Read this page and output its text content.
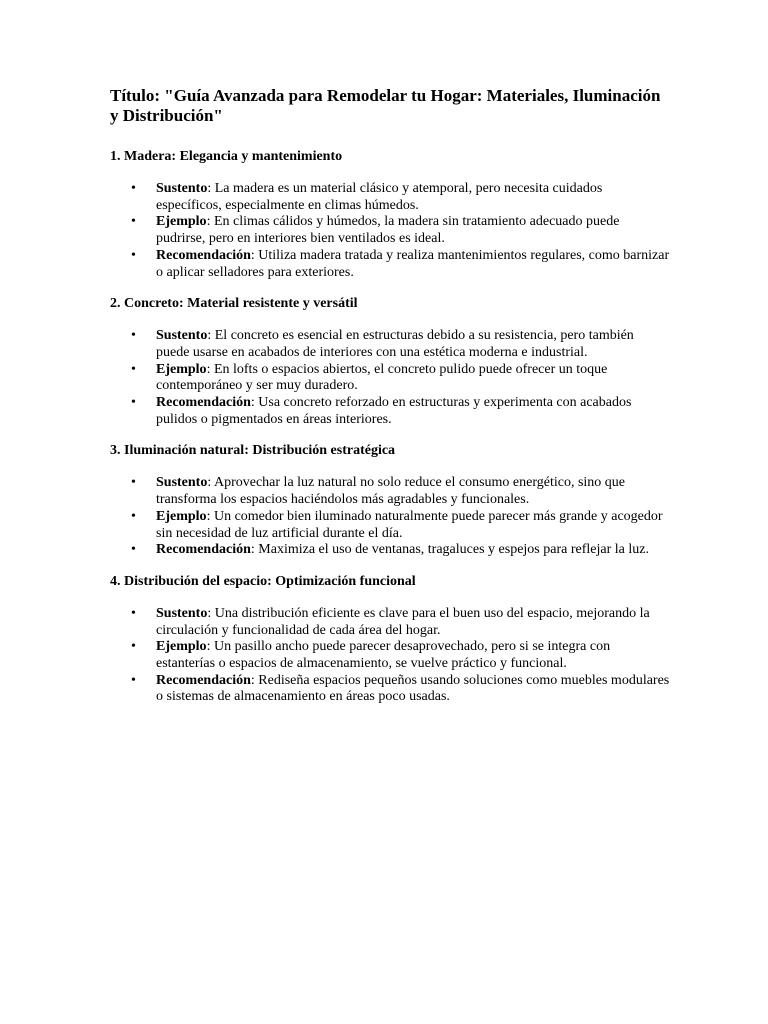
Título: "Guía Avanzada para Remodelar tu Hogar: Materiales, Iluminación y Distribución"
1. Madera: Elegancia y mantenimiento
• Sustento: La madera es un material clásico y atemporal, pero necesita cuidados específicos, especialmente en climas húmedos.
• Ejemplo: En climas cálidos y húmedos, la madera sin tratamiento adecuado puede pudrirse, pero en interiores bien ventilados es ideal.
• Recomendación: Utiliza madera tratada y realiza mantenimientos regulares, como barnizar o aplicar selladores para exteriores.
2. Concreto: Material resistente y versátil
• Sustento: El concreto es esencial en estructuras debido a su resistencia, pero también puede usarse en acabados de interiores con una estética moderna e industrial.
• Ejemplo: En lofts o espacios abiertos, el concreto pulido puede ofrecer un toque contemporáneo y ser muy duradero.
• Recomendación: Usa concreto reforzado en estructuras y experimenta con acabados pulidos o pigmentados en áreas interiores.
3. Iluminación natural: Distribución estratégica
• Sustento: Aprovechar la luz natural no solo reduce el consumo energético, sino que transforma los espacios haciéndolos más agradables y funcionales.
• Ejemplo: Un comedor bien iluminado naturalmente puede parecer más grande y acogedor sin necesidad de luz artificial durante el día.
• Recomendación: Maximiza el uso de ventanas, tragaluces y espejos para reflejar la luz.
4. Distribución del espacio: Optimización funcional
• Sustento: Una distribución eficiente es clave para el buen uso del espacio, mejorando la circulación y funcionalidad de cada área del hogar.
• Ejemplo: Un pasillo ancho puede parecer desaprovechado, pero si se integra con estanterías o espacios de almacenamiento, se vuelve práctico y funcional.
• Recomendación: Rediseña espacios pequeños usando soluciones como muebles modulares o sistemas de almacenamiento en áreas poco usadas.
